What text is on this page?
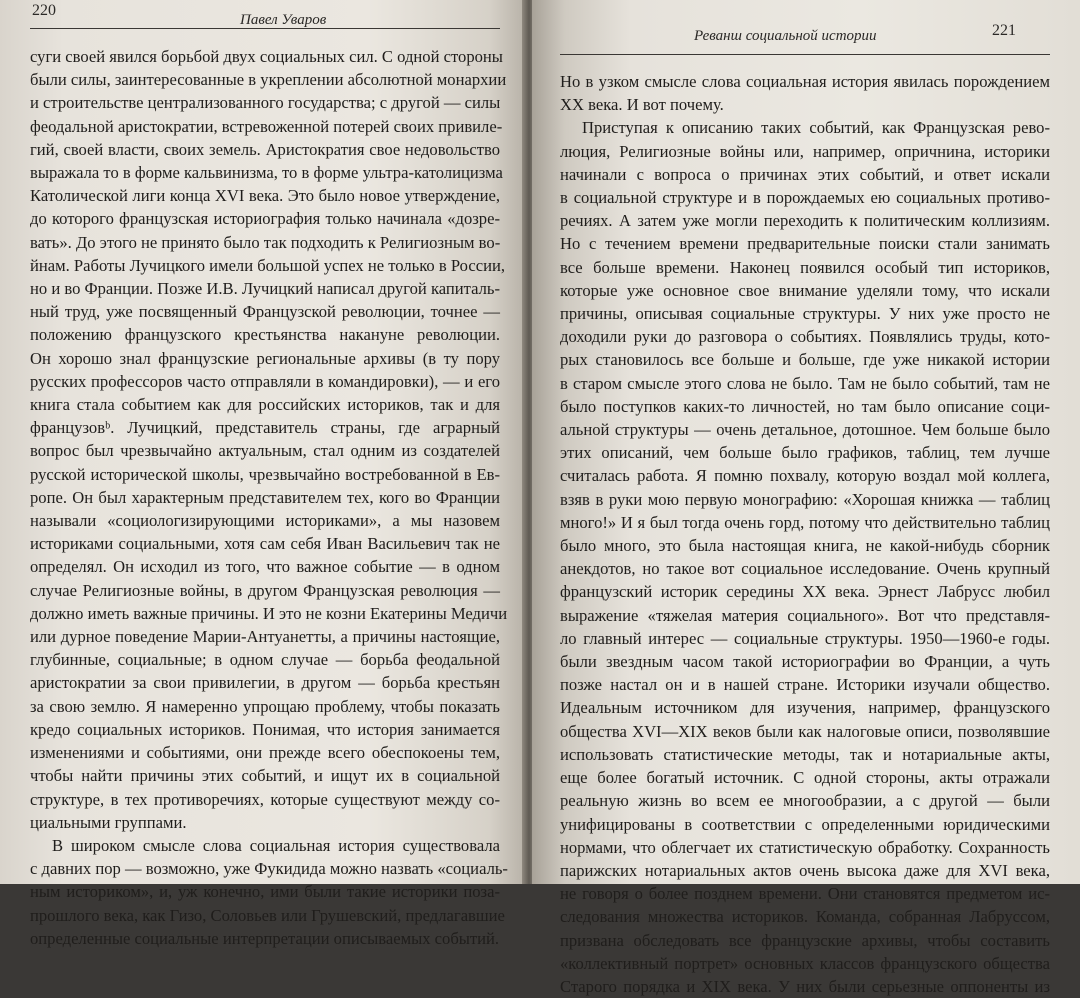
220
Павел Уваров
суги своей явился борьбой двух социальных сил. С одной стороны
были силы, заинтересованные в укреплении абсолютной монархии
и строительстве централизованного государства; с другой — силы
феодальной аристократии, встревоженной потерей своих привиле-
гий, своей власти, своих земель. Аристократия свое недовольство
выражала то в форме кальвинизма, то в форме ультра-католицизма
Католической лиги конца XVI века. Это было новое утверждение,
до которого французская историография только начинала «дозре-
вать». До этого не принято было так подходить к Религиозным во-
йнам. Работы Лучицкого имели большой успех не только в России,
но и во Франции. Позже И.В. Лучицкий написал другой капиталь-
ный труд, уже посвященный Французской революции, точнее —
положению французского крестьянства накануне революции.
Он хорошо знал французские региональные архивы (в ту пору
русских профессоров часто отправляли в командировки), — и его
книга стала событием как для российских историков, так и для
французовᵇ. Лучицкий, представитель страны, где аграрный
вопрос был чрезвычайно актуальным, стал одним из создателей
русской исторической школы, чрезвычайно востребованной в Ев-
ропе. Он был характерным представителем тех, кого во Франции
называли «социологизирующими историками», а мы назовем
историками социальными, хотя сам себя Иван Васильевич так не
определял. Он исходил из того, что важное событие — в одном
случае Религиозные войны, в другом Французская революция —
должно иметь важные причины. И это не козни Екатерины Медичи
или дурное поведение Марии-Антуанетты, а причины настоящие,
глубинные, социальные; в одном случае — борьба феодальной
аристократии за свои привилегии, в другом — борьба крестьян
за свою землю. Я намеренно упрощаю проблему, чтобы показать
кредо социальных историков. Понимая, что история занимается
изменениями и событиями, они прежде всего обеспокоены тем,
чтобы найти причины этих событий, и ищут их в социальной
структуре, в тех противоречиях, которые существуют между со-
циальными группами.
В широком смысле слова социальная история существовала
с давних пор — возможно, уже Фукидида можно назвать «социаль-
ным историком», и, уж конечно, ими были такие историки поза-
прошлого века, как Гизо, Соловьев или Грушевский, предлагавшие
определенные социальные интерпретации описываемых событий.
Реванш социальной истории	221
Но в узком смысле слова социальная история явилась порождением
XX века. И вот почему.
Приступая к описанию таких событий, как Французская рево-
люция, Религиозные войны или, например, опричнина, историки
начинали с вопроса о причинах этих событий, и ответ искали
в социальной структуре и в порождаемых ею социальных противо-
речиях. А затем уже могли переходить к политическим коллизиям.
Но с течением времени предварительные поиски стали занимать
все больше времени. Наконец появился особый тип историков,
которые уже основное свое внимание уделяли тому, что искали
причины, описывая социальные структуры. У них уже просто не
доходили руки до разговора о событиях. Появлялись труды, кото-
рых становилось все больше и больше, где уже никакой истории
в старом смысле этого слова не было. Там не было событий, там не
было поступков каких-то личностей, но там было описание соци-
альной структуры — очень детальное, дотошное. Чем больше было
этих описаний, чем больше было графиков, таблиц, тем лучше
считалась работа. Я помню похвалу, которую воздал мой коллега,
взяв в руки мою первую монографию: «Хорошая книжка — таблиц
много!» И я был тогда очень горд, потому что действительно таблиц
было много, это была настоящая книга, не какой-нибудь сборник
анекдотов, но такое вот социальное исследование. Очень крупный
французский историк середины XX века. Эрнест Лабрусс любил
выражение «тяжелая материя социального». Вот что представля-
ло главный интерес — социальные структуры. 1950—1960-е годы.
были звездным часом такой историографии во Франции, а чуть
позже настал он и в нашей стране. Историки изучали общество.
Идеальным источником для изучения, например, французского
общества XVI—XIX веков были как налоговые описи, позволявшие
использовать статистические методы, так и нотариальные акты,
еще более богатый источник. С одной стороны, акты отражали
реальную жизнь во всем ее многообразии, а с другой — были
унифицированы в соответствии с определенными юридическими
нормами, что облегчает их статистическую обработку. Сохранность
парижских нотариальных актов очень высока даже для XVI века,
не говоря о более позднем времени. Они становятся предметом ис-
следования множества историков. Команда, собранная Лабруссом,
призвана обследовать все французские архивы, чтобы составить
«коллективный портрет» основных классов французского общества
Старого порядка и XIX века. У них были серьезные оппоненты из
